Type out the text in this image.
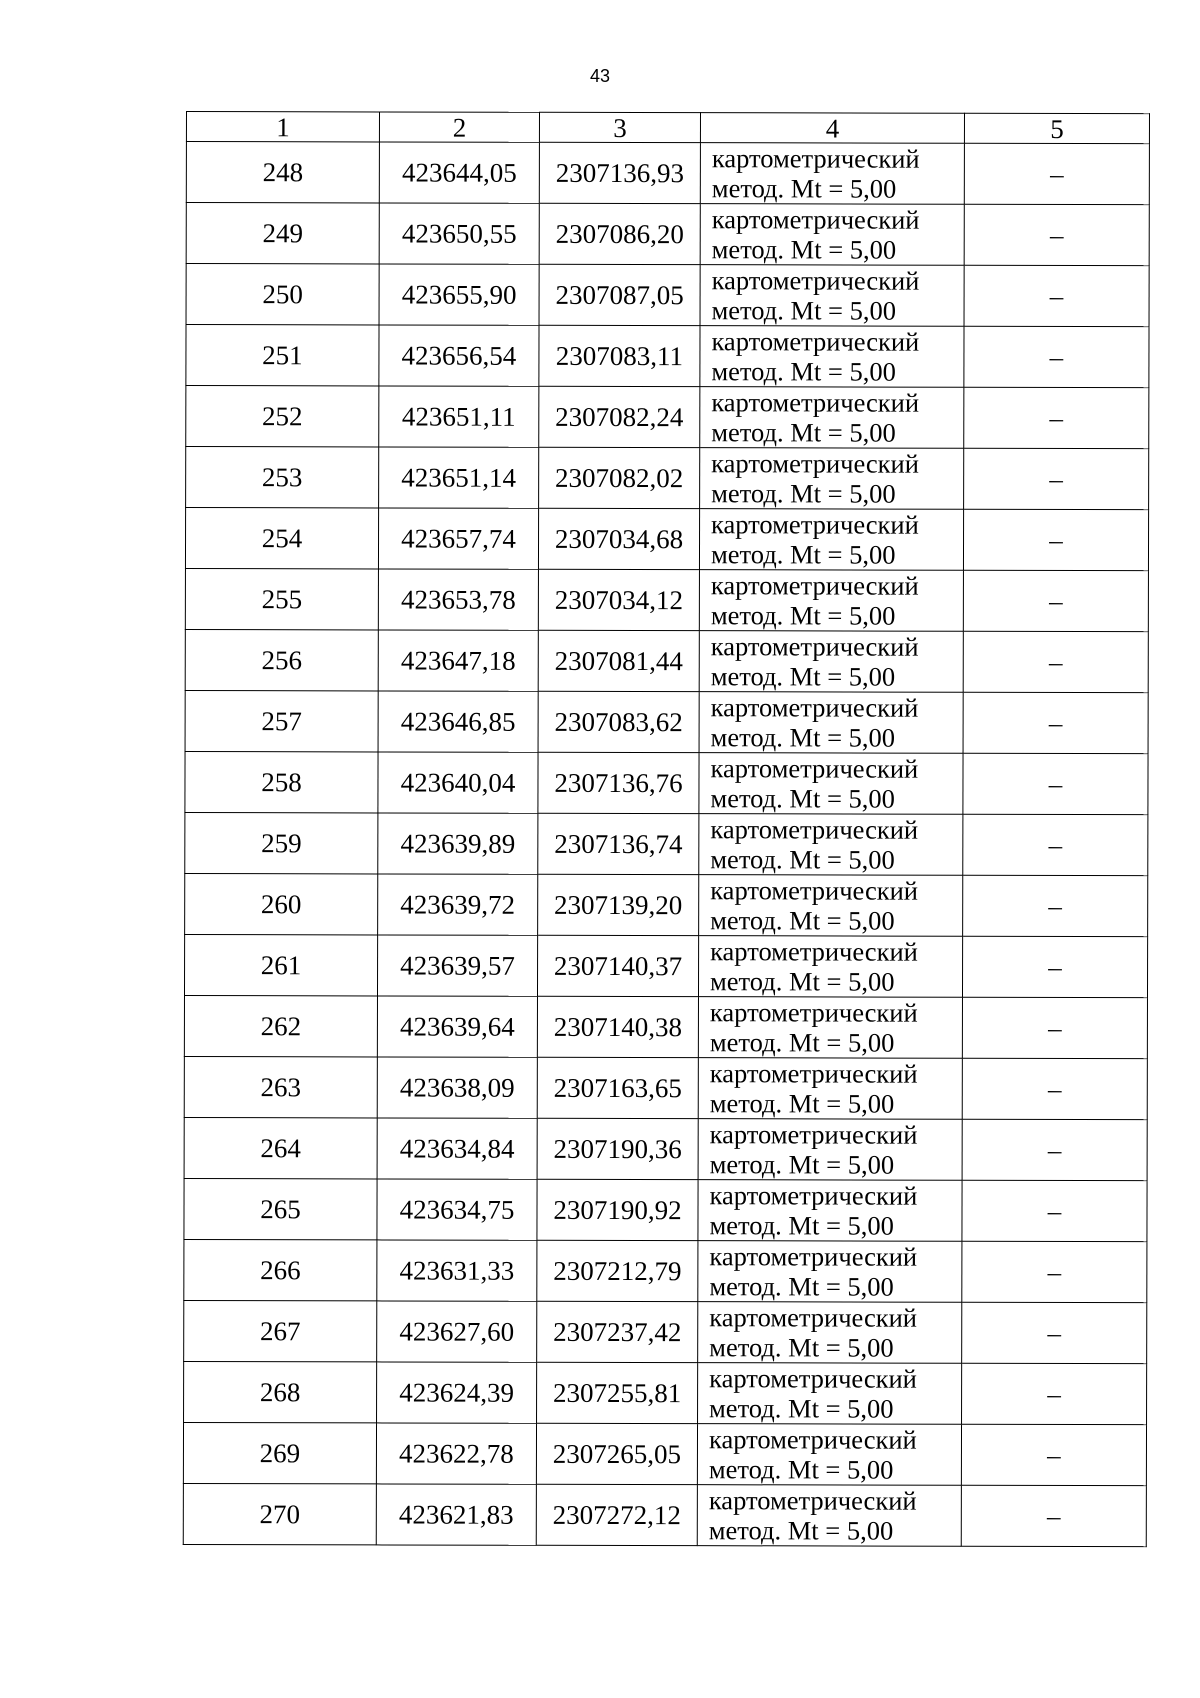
43
1	2	3	4	5
248	423644,05	2307136,93	картометрический
метод. Mt = 5,00	–
249	423650,55	2307086,20	картометрический
метод. Mt = 5,00	–
250	423655,90	2307087,05	картометрический
метод. Mt = 5,00	–
251	423656,54	2307083,11	картометрический
метод. Mt = 5,00	–
252	423651,11	2307082,24	картометрический
метод. Mt = 5,00	–
253	423651,14	2307082,02	картометрический
метод. Mt = 5,00	–
254	423657,74	2307034,68	картометрический
метод. Mt = 5,00	–
255	423653,78	2307034,12	картометрический
метод. Mt = 5,00	–
256	423647,18	2307081,44	картометрический
метод. Mt = 5,00	–
257	423646,85	2307083,62	картометрический
метод. Mt = 5,00	–
258	423640,04	2307136,76	картометрический
метод. Mt = 5,00	–
259	423639,89	2307136,74	картометрический
метод. Mt = 5,00	–
260	423639,72	2307139,20	картометрический
метод. Mt = 5,00	–
261	423639,57	2307140,37	картометрический
метод. Mt = 5,00	–
262	423639,64	2307140,38	картометрический
метод. Mt = 5,00	–
263	423638,09	2307163,65	картометрический
метод. Mt = 5,00	–
264	423634,84	2307190,36	картометрический
метод. Mt = 5,00	–
265	423634,75	2307190,92	картометрический
метод. Mt = 5,00	–
266	423631,33	2307212,79	картометрический
метод. Mt = 5,00	–
267	423627,60	2307237,42	картометрический
метод. Mt = 5,00	–
268	423624,39	2307255,81	картометрический
метод. Mt = 5,00	–
269	423622,78	2307265,05	картометрический
метод. Mt = 5,00	–
270	423621,83	2307272,12	картометрический
метод. Mt = 5,00	–
